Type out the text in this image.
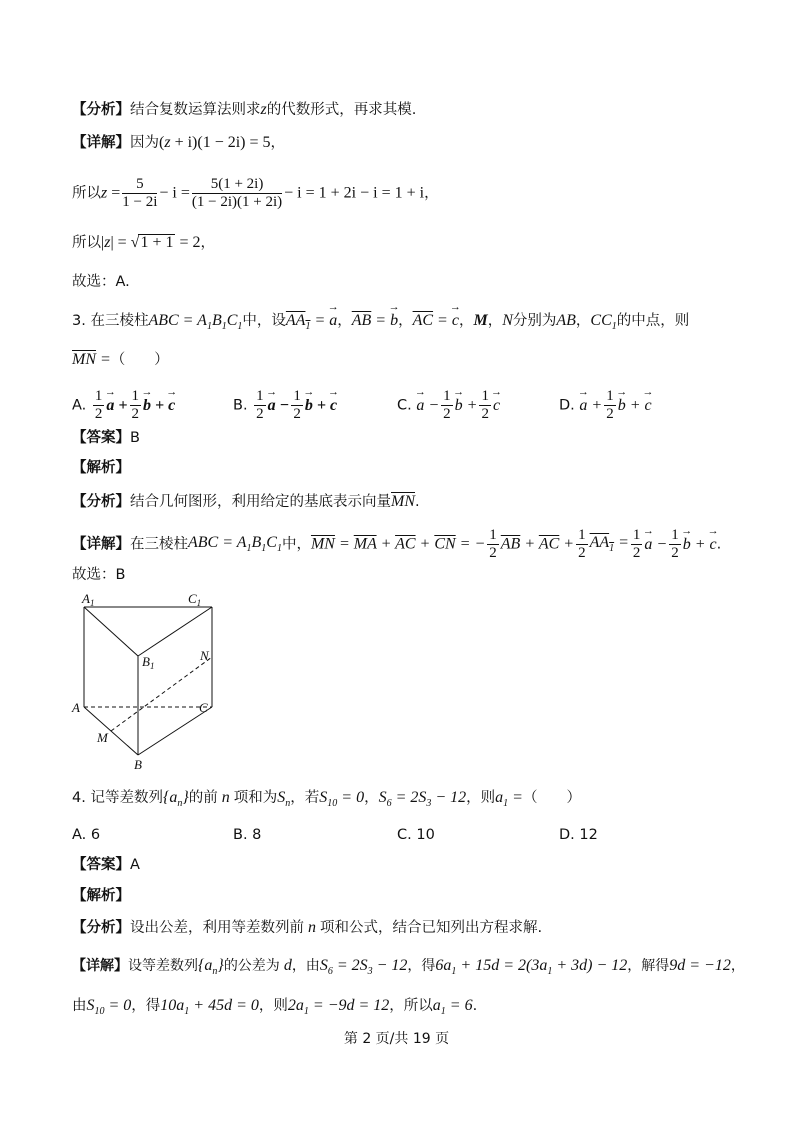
【分析】结合复数运算法则求z的代数形式，再求其模.
【详解】因为(z + i)(1 − 2i) = 5，
所以$z = \frac{5}{1 - 2i} - i = \frac{5(1 + 2i)}{(1 - 2i)(1 + 2i)} - i = 1 + 2i - i = 1 + i$，
所以|z| = √1 + 1 = 2，
故选：A.
3. 在三棱柱ABC = $A_1B_1C_1$中，设$AA_1$ = → a，$\overline{AB}$ = → b，$\overline{AC}$ = → c，M，N分别为AB，$CC_1$的中点，则
$\overline{MN}$ =（　　）
A. $\frac{1}{2} \to a + \frac{1}{2} \to b$ + → c	B. $\frac{1}{2} \to a - \frac{1}{2} \to b$ + → c	C. → $a - \frac{1}{2} \to b + \frac{1}{2} \to c$	D. → $a + \frac{1}{2} \to b$ + → c
【答案】B
【解析】
【分析】结合几何图形，利用给定的基底表示向量$\overline{MN}$.
【详解】在三棱柱ABC = $A_1B_1C_1$中，$\overline{MN} = \overline{MA} + \overline{AC} + \overline{CN}$ = − $\frac{1}{2} \overline{AB} + \overline{AC} + \frac{1}{2} AA_1 = \frac{1}{2} \to a - \frac{1}{2} \to b$ + → c.
故选：B
$A_1$	$C_1$
$B_1$
N
A	C
M
B
4. 记等差数列$\{a_n\}$的前 n 项和为$S_n$，若$S_{10} = 0$，$S_6 = 2S_3 - 12$，则$a_1$ =（　　）
A. 6	B. 8	C. 10	D. 12
【答案】A
【解析】
【分析】设出公差，利用等差数列前 n 项和公式，结合已知列出方程求解.
【详解】设等差数列$\{a_n\}$的公差为 d，由$S_6 = 2S_3 - 12$，得$6a_1 + 15d = 2(3a_1 + 3d) - 12$，解得9d = −12，
由$S_{10} = 0$，得$10a_1 + 45d = 0$，则$2a_1 = -9d = 12$，所以$a_1 = 6$.
第 2 页/共 19 页
